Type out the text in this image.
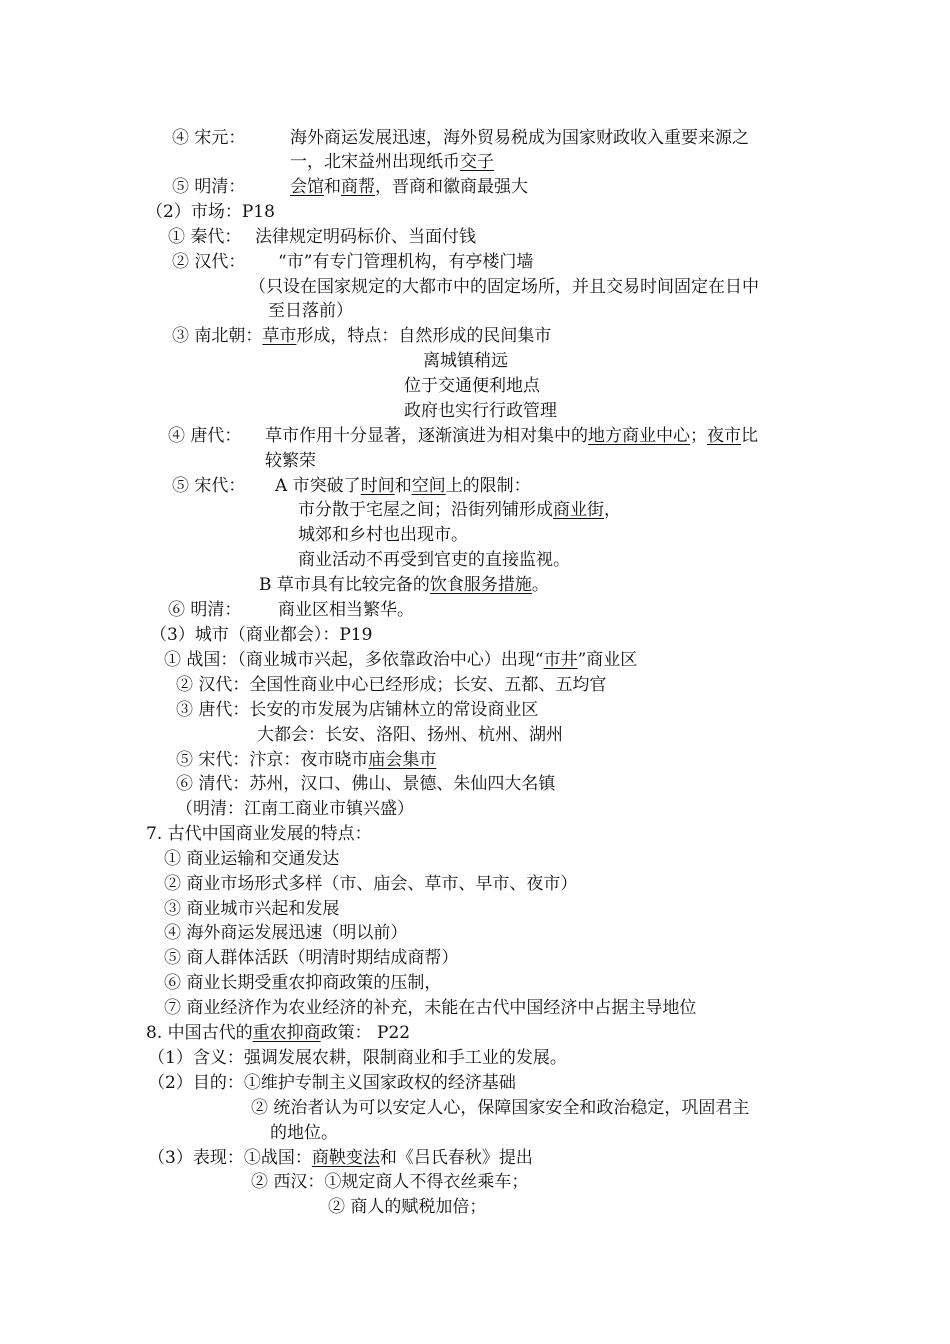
④ 宋元：	海外商运发展迅速，海外贸易税成为国家财政收入重要来源之
一，北宋益州出现纸币交子
⑤ 明清：	会馆和商帮，晋商和徽商最强大
（2）市场：P18
① 秦代： 法律规定明码标价、当面付钱
② 汉代： “市”有专门管理机构，有亭楼门墙
（只设在国家规定的大都市中的固定场所，并且交易时间固定在日中
至日落前）
③ 南北朝：草市形成，特点：自然形成的民间集市
离城镇稍远
位于交通便利地点
政府也实行行政管理
④ 唐代： 草市作用十分显著，逐渐演进为相对集中的地方商业中心；夜市比
较繁荣
⑤ 宋代： A 市突破了时间和空间上的限制：
市分散于宅屋之间；沿街列铺形成商业街，
城郊和乡村也出现市。
商业活动不再受到官吏的直接监视。
B 草市具有比较完备的饮食服务措施。
⑥ 明清： 商业区相当繁华。
（3）城市（商业都会）：P19
① 战国：（商业城市兴起，多依靠政治中心）出现“市井”商业区
② 汉代：全国性商业中心已经形成；长安、五都、五均官
③ 唐代：长安的市发展为店铺林立的常设商业区
大都会：长安、洛阳、扬州、杭州、湖州
⑤ 宋代：汴京：夜市晓市庙会集市
⑥ 清代：苏州，汉口、佛山、景德、朱仙四大名镇
（明清：江南工商业市镇兴盛）
7. 古代中国商业发展的特点：
① 商业运输和交通发达
② 商业市场形式多样（市、庙会、草市、早市、夜市）
③ 商业城市兴起和发展
④ 海外商运发展迅速（明以前）
⑤ 商人群体活跃（明清时期结成商帮）
⑥ 商业长期受重农抑商政策的压制，
⑦ 商业经济作为农业经济的补充，未能在古代中国经济中占据主导地位
8. 中国古代的重农抑商政策： P22
（1）含义：强调发展农耕，限制商业和手工业的发展。
（2）目的：①维护专制主义国家政权的经济基础
② 统治者认为可以安定人心，保障国家安全和政治稳定，巩固君主
的地位。
（3）表现：①战国：商鞅变法和《吕氏春秋》提出
② 西汉：①规定商人不得衣丝乘车；
② 商人的赋税加倍；
